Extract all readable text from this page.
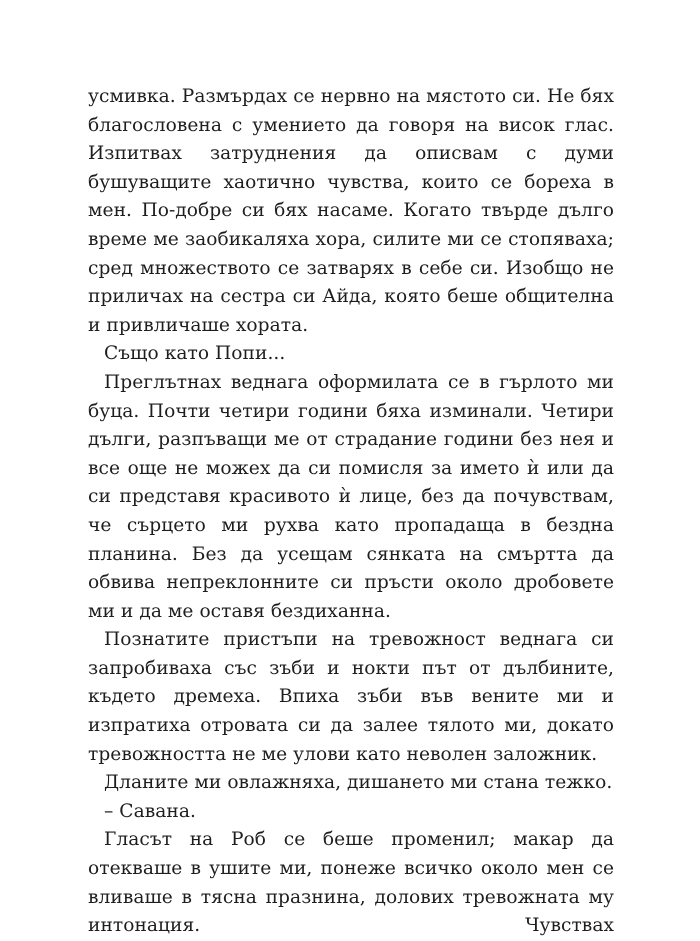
усмивка. Размърдах се нервно на мястото си. Не бях благословена с умението да говоря на висок глас. Изпитвах затруднения да описвам с думи бушуващите хаотично чувства, които се бореха в мен. По-добре си бях насаме. Когато твърде дълго време ме заобикаляха хора, силите ми се стопяваха; сред множеството се затварях в себе си. Изобщо не приличах на сестра си Айда, която беше общителна и привличаше хората.

Също като Попи...

Преглътнах веднага оформилата се в гърлото ми буца. Почти четири години бяха изминали. Четири дълги, разпъващи ме от страдание години без нея и все още не можех да си помисля за името ѝ или да си представя красивото ѝ лице, без да почувствам, че сърцето ми рухва като пропадаща в бездна планина. Без да усещам сянката на смъртта да обвива непреклонните си пръсти около дробовете ми и да ме оставя бездиханна.

Познатите пристъпи на тревожност веднага си запробиваха със зъби и нокти път от дълбините, където дремеха. Впиха зъби във вените ми и изпратиха отровата си да залее тялото ми, докато тревожността не ме улови като неволен заложник.

Дланите ми овлажняха, дишането ми стана тежко.

– Савана.

Гласът на Роб се беше променил; макар да отекваше в ушите ми, понеже всичко около мен се вливаше в тясна празнина, долових тревожната му интонация. Чувствах
